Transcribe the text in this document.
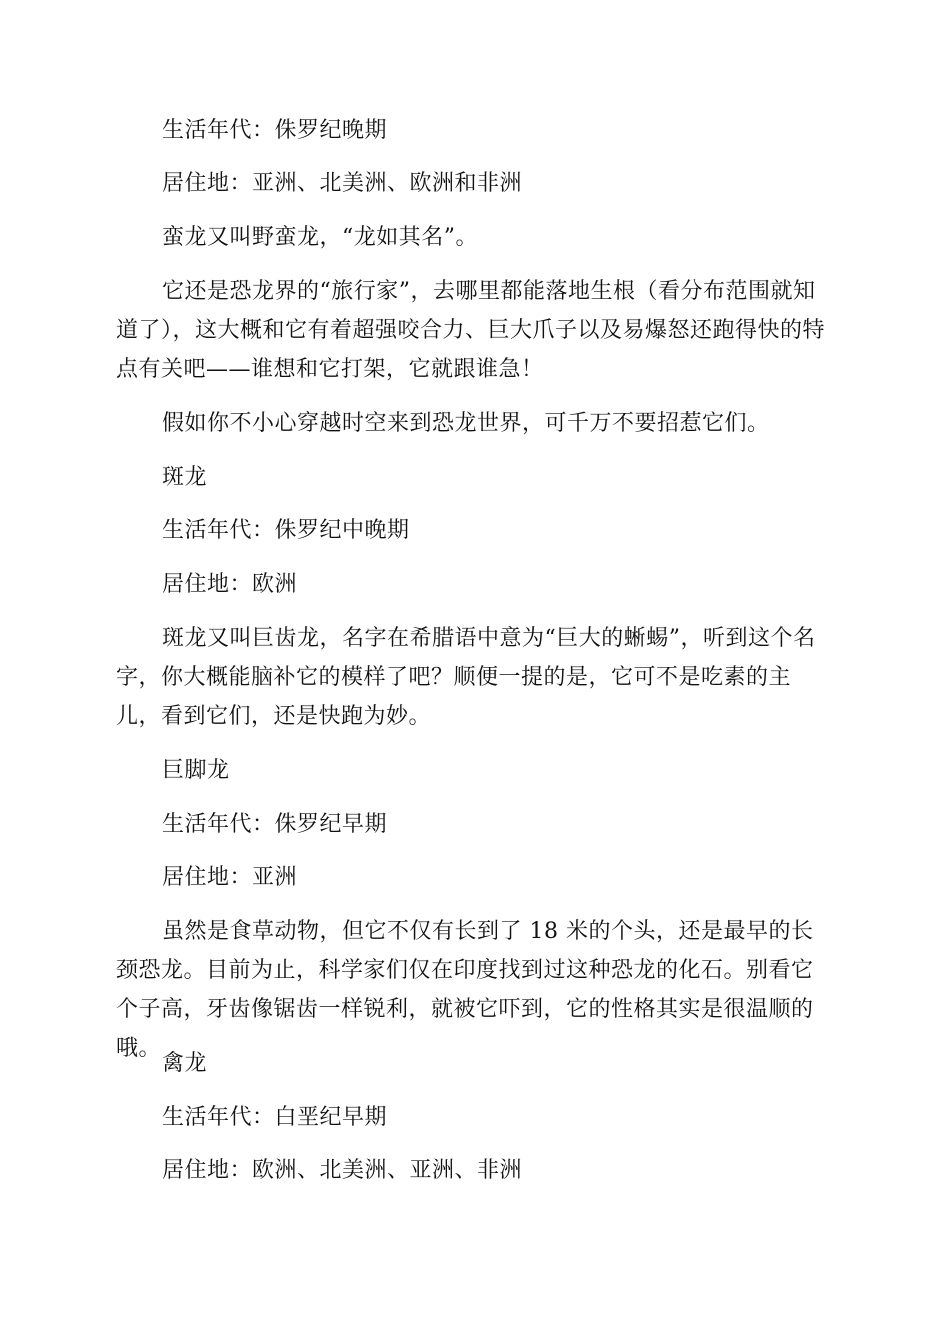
生活年代：侏罗纪晚期

居住地：亚洲、北美洲、欧洲和非洲

蛮龙又叫野蛮龙，“龙如其名”。

它还是恐龙界的“旅行家”，去哪里都能落地生根（看分布范围就知道了），这大概和它有着超强咬合力、巨大爪子以及易爆怒还跑得快的特点有关吧——谁想和它打架，它就跟谁急！

假如你不小心穿越时空来到恐龙世界，可千万不要招惹它们。

斑龙

生活年代：侏罗纪中晚期

居住地：欧洲

斑龙又叫巨齿龙，名字在希腊语中意为“巨大的蜥蜴”，听到这个名字，你大概能脑补它的模样了吧？顺便一提的是，它可不是吃素的主儿，看到它们，还是快跑为妙。

巨脚龙

生活年代：侏罗纪早期

居住地：亚洲

虽然是食草动物，但它不仅有长到了 18 米的个头，还是最早的长颈恐龙。目前为止，科学家们仅在印度找到过这种恐龙的化石。别看它个子高，牙齿像锯齿一样锐利，就被它吓到，它的性格其实是很温顺的哦。

禽龙

生活年代：白垩纪早期

居住地：欧洲、北美洲、亚洲、非洲
